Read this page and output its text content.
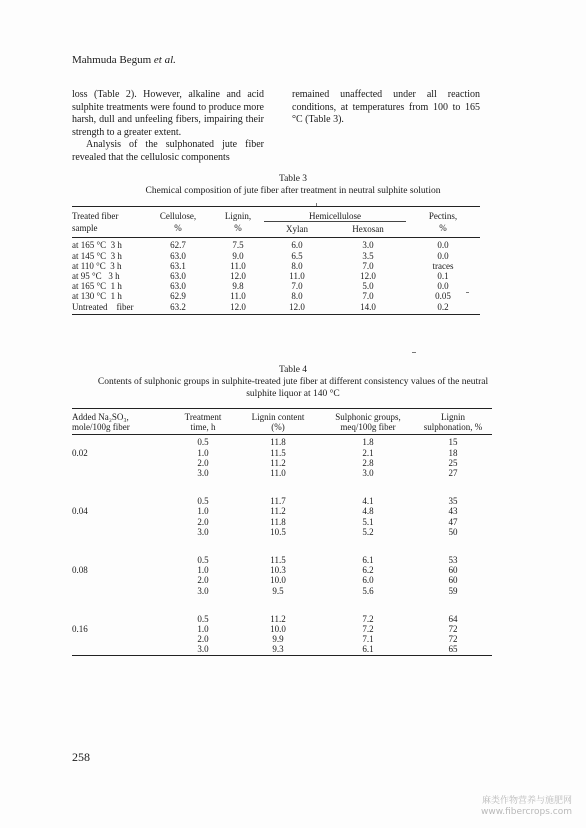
Mahmuda Begum et al.

loss (Table 2). However, alkaline and acid sulphite treatments were found to produce more harsh, dull and unfeeling fibers, impairing their strength to a greater extent.

Analysis of the sulphonated jute fiber revealed that the cellulosic components

remained unaffected under all reaction conditions, at temperatures from 100 to 165 °C (Table 3).

Table 3
Chemical composition of jute fiber after treatment in neutral sulphite solution
Treated fiber	Cellulose,	Lignin,	Hemicellulose		Pectins,
sample	%	%	Xylan	Hexosan	%
at 165 °C  3 h	62.7	7.5	6.0	3.0	0.0
at 145 °C  3 h	63.0	9.0	6.5	3.5	0.0
at 110 °C  3 h	63.1	11.0	8.0	7.0	traces
at 95 °C   3 h	63.0	12.0	11.0	12.0	0.1
at 165 °C  1 h	63.0	9.8	7.0	5.0	0.0
at 130 °C  1 h	62.9	11.0	8.0	7.0	0.05
Untreated    fiber	63.2	12.0	12.0	14.0	0.2
Table 4
Contents of sulphonic groups in sulphite-treated jute fiber at different consistency values of the neutral
sulphite liquor at 140 °C
Added Na₂SO₃,	Treatment	Lignin content	Sulphonic groups,	Lignin
mole/100g fiber	time, h	(%)	meq/100g fiber	sulphonation, %
	0.5	11.8	1.8	15
0.02	1.0	11.5	2.1	18
	2.0	11.2	2.8	25
	3.0	11.0	3.0	27
	0.5	11.7	4.1	35
0.04	1.0	11.2	4.8	43
	2.0	11.8	5.1	47
	3.0	10.5	5.2	50
	0.5	11.5	6.1	53
0.08	1.0	10.3	6.2	60
	2.0	10.0	6.0	60
	3.0	9.5	5.6	59
	0.5	11.2	7.2	64
0.16	1.0	10.0	7.2	72
	2.0	9.9	7.1	72
	3.0	9.3	6.1	65
258
麻类作物营养与施肥网
www.fibercrops.com
